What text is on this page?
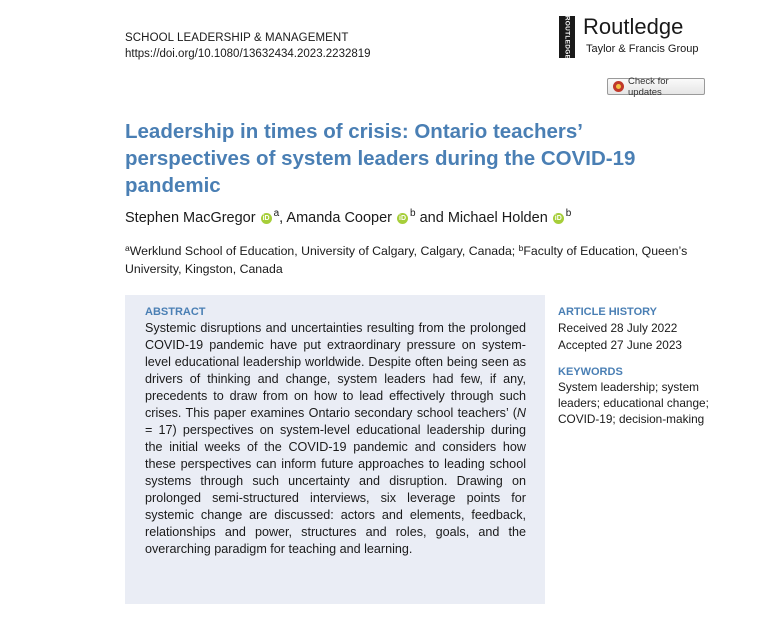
SCHOOL LEADERSHIP & MANAGEMENT
https://doi.org/10.1080/13632434.2023.2232819	ROUTLEDGE Routledge
Taylor & Francis Group
Check for updates
Leadership in times of crisis: Ontario teachers’ perspectives of system leaders during the COVID-19 pandemic
Stephen MacGregor iD $^a$, Amanda Cooper iD $^b$ and Michael Holden iD $^b$
$^a$Werklund School of Education, University of Calgary, Calgary, Canada; $^b$Faculty of Education, Queen’s University, Kingston, Canada
ABSTRACT

Systemic disruptions and uncertainties resulting from the prolonged COVID-19 pandemic have put extraordinary pressure on system-level educational leadership worldwide. Despite often being seen as drivers of thinking and change, system leaders had few, if any, precedents to draw from on how to lead effectively through such crises. This paper examines Ontario secondary school teachers’ (N = 17) perspectives on system-level educational leadership during the initial weeks of the COVID-19 pandemic and considers how these perspectives can inform future approaches to leading school systems through such uncertainty and disruption. Drawing on prolonged semi-structured interviews, six leverage points for systemic change are discussed: actors and elements, feedback, relationships and power, structures and roles, goals, and the overarching paradigm for teaching and learning.

ARTICLE HISTORY
Received 28 July 2022
Accepted 27 June 2023
KEYWORDS
System leadership; system leaders; educational change; COVID-19; decision-making
